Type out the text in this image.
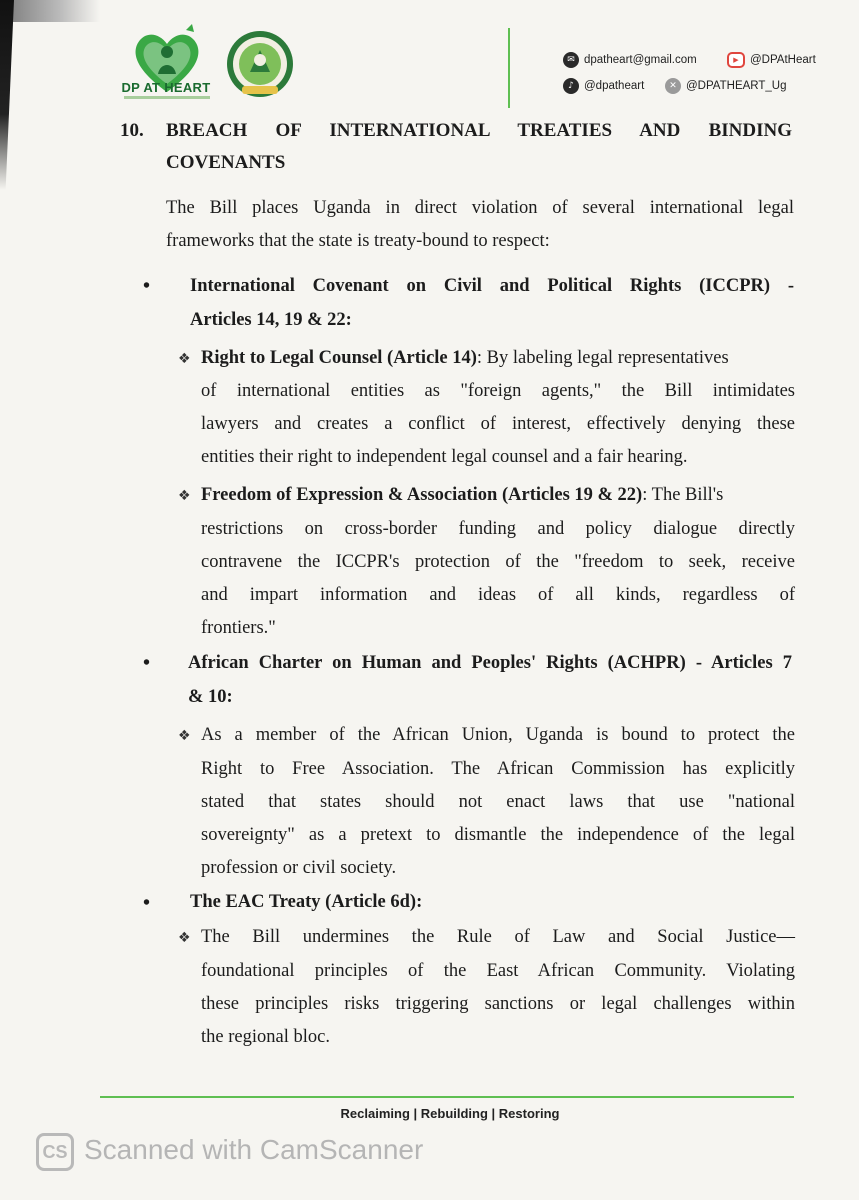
DP AT HEART
✉ dpatheart@gmail.com	▶ @DPAtHeart
♪ @dpatheart	✕ @DPATHEART_Ug
10. BREACH OF INTERNATIONAL TREATIES AND BINDING
COVENANTS
The Bill places Uganda in direct violation of several international legal
frameworks that the state is treaty-bound to respect:
• International Covenant on Civil and Political Rights (ICCPR) -
Articles 14, 19 & 22:
❖ Right to Legal Counsel (Article 14): By labeling legal representatives
of international entities as "foreign agents," the Bill intimidates
lawyers and creates a conflict of interest, effectively denying these
entities their right to independent legal counsel and a fair hearing.
❖ Freedom of Expression & Association (Articles 19 & 22): The Bill's
restrictions on cross-border funding and policy dialogue directly
contravene the ICCPR's protection of the "freedom to seek, receive
and impart information and ideas of all kinds, regardless of
frontiers."
• African Charter on Human and Peoples' Rights (ACHPR) - Articles 7
& 10:
❖ As a member of the African Union, Uganda is bound to protect the
Right to Free Association. The African Commission has explicitly
stated that states should not enact laws that use "national
sovereignty" as a pretext to dismantle the independence of the legal
profession or civil society.
• The EAC Treaty (Article 6d):
❖ The Bill undermines the Rule of Law and Social Justice—
foundational principles of the East African Community. Violating
these principles risks triggering sanctions or legal challenges within
the regional bloc.
Reclaiming | Rebuilding | Restoring
CS Scanned with CamScanner
